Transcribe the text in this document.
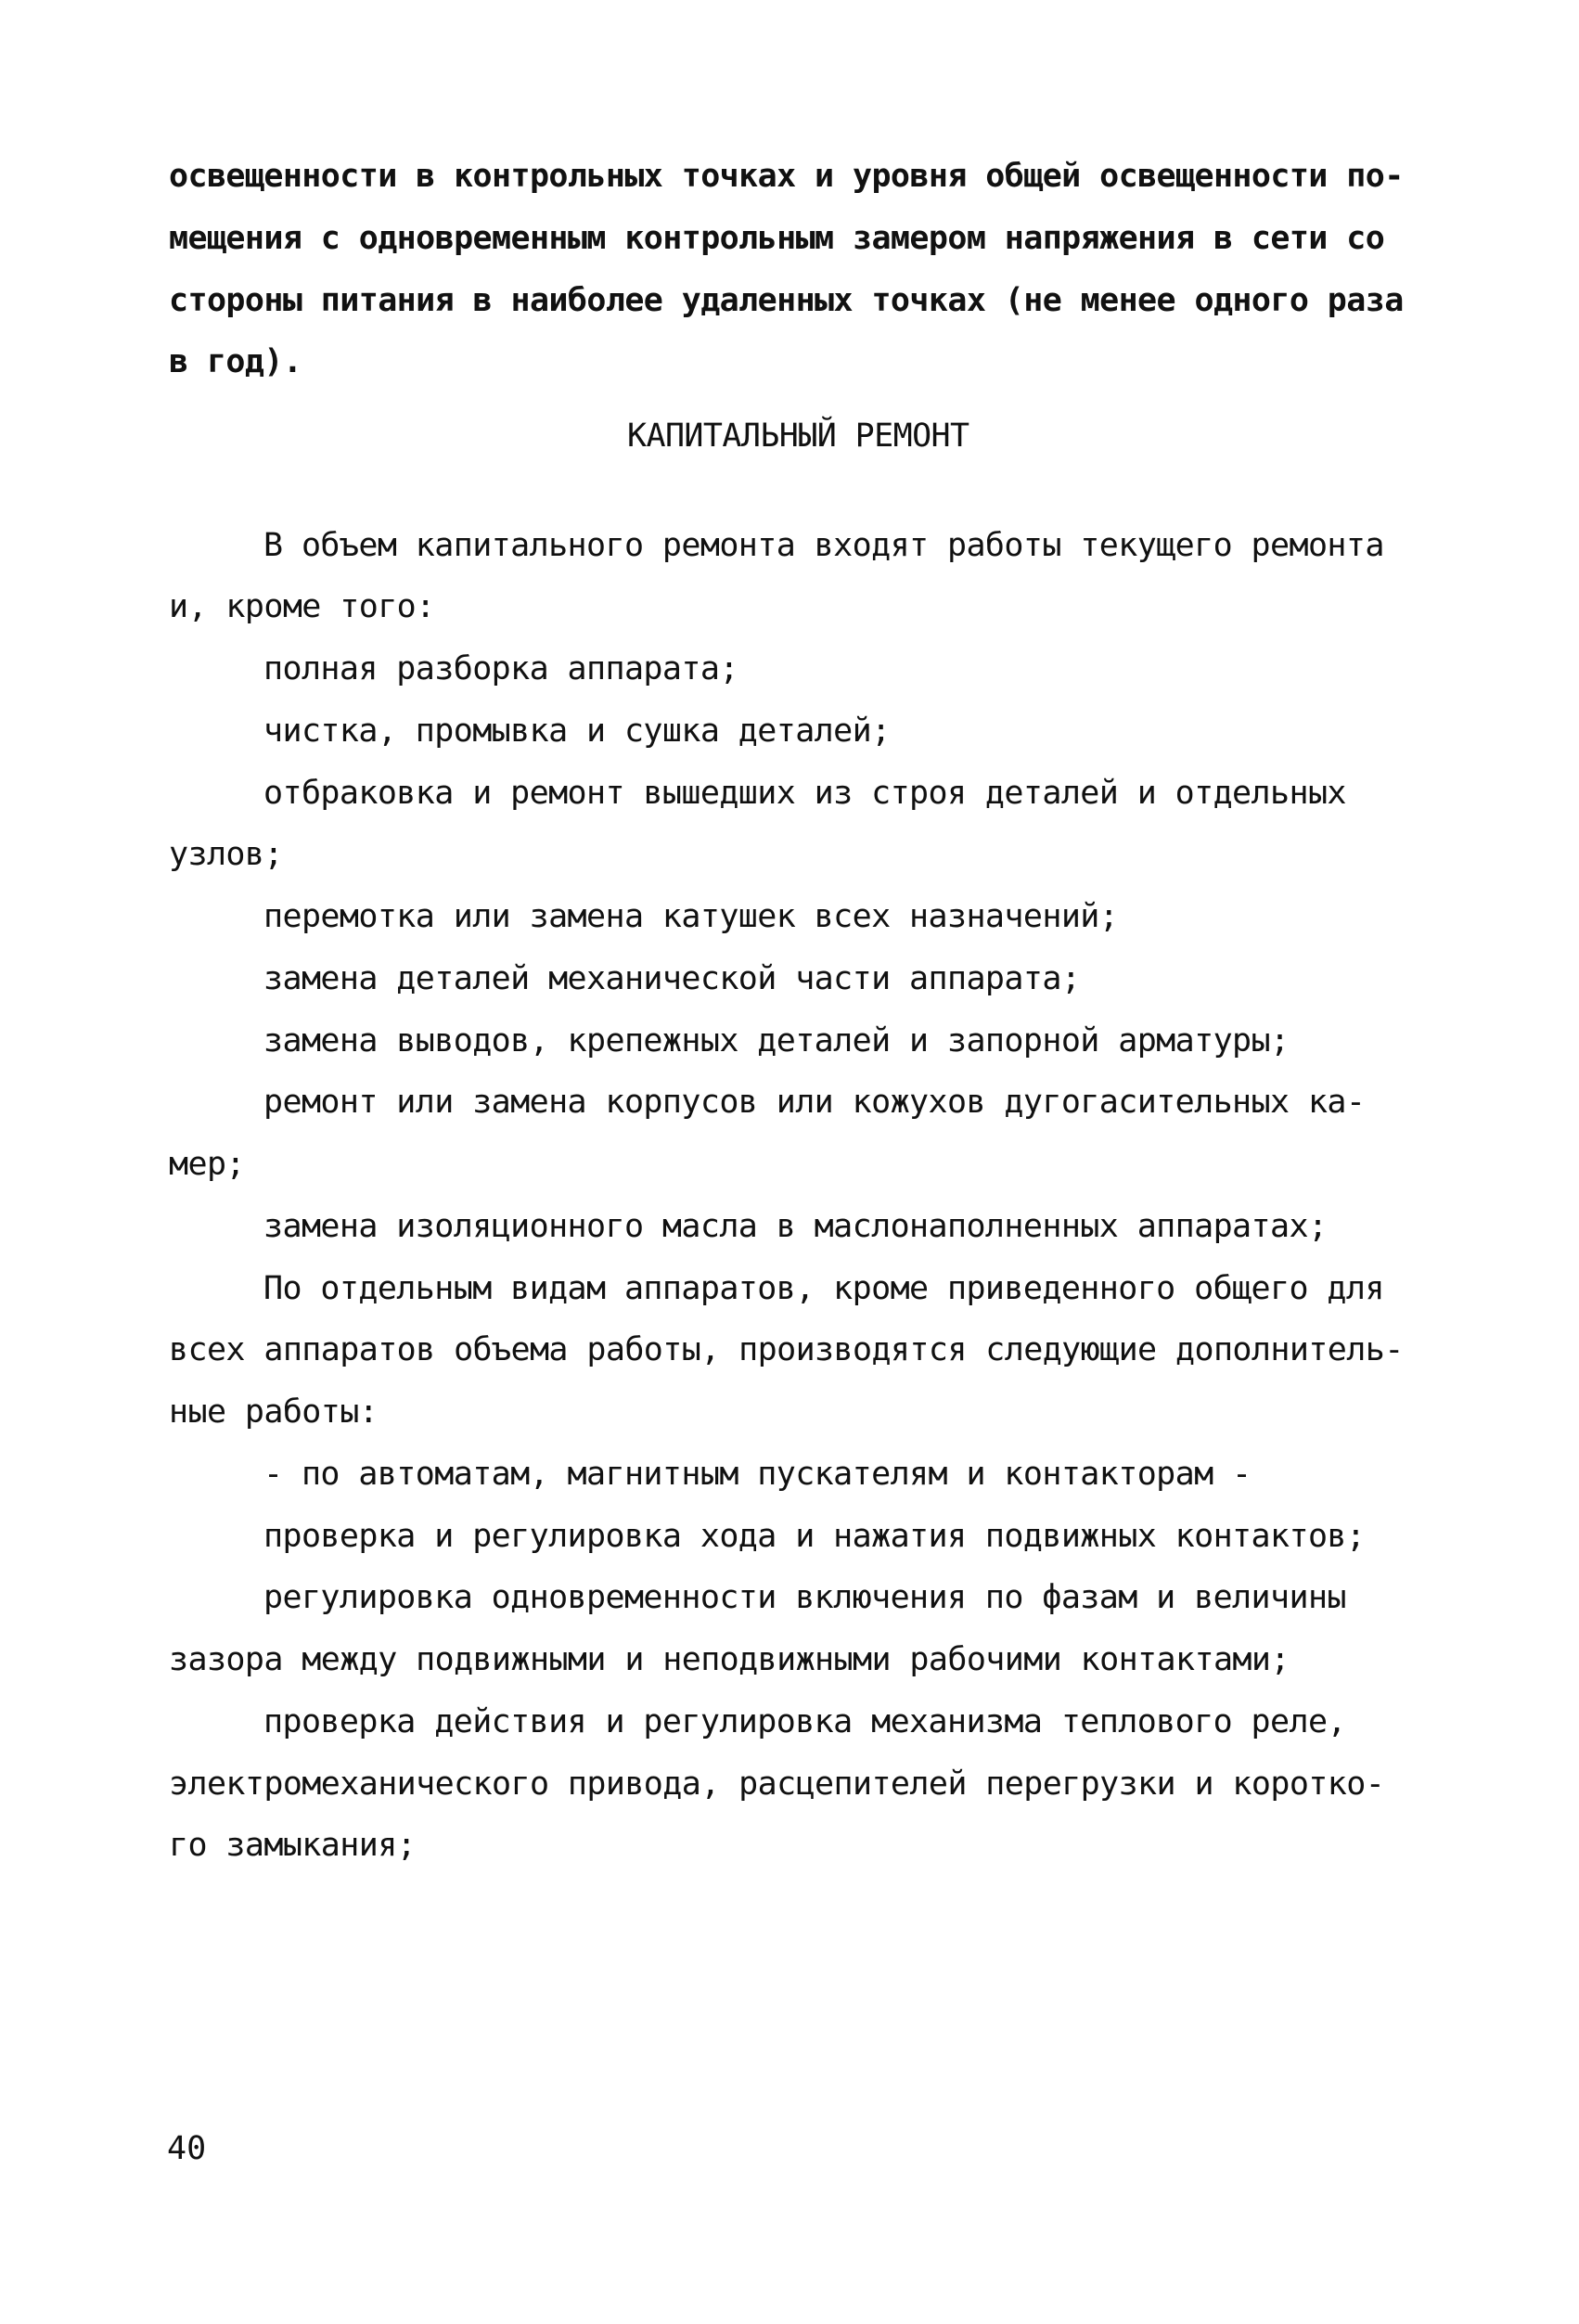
освещенности в контрольных точках и уровня общей освещенности по-
мещения с одновременным контрольным замером напряжения в сети со
стороны питания в наиболее удаленных точках (не менее одного раза
в год).
КАПИТАЛЬНЫЙ РЕМОНТ
В объем капитального ремонта входят работы текущего ремонта
и, кроме того:
полная разборка аппарата;
чистка, промывка и сушка деталей;
отбраковка и ремонт вышедших из строя деталей и отдельных
узлов;
перемотка или замена катушек всех назначений;
замена деталей механической части аппарата;
замена выводов, крепежных деталей и запорной арматуры;
ремонт или замена корпусов или кожухов дугогасительных ка-
мер;
замена изоляционного масла в маслонаполненных аппаратах;
По отдельным видам аппаратов, кроме приведенного общего для
всех аппаратов объема работы, производятся следующие дополнитель-
ные работы:
- по автоматам, магнитным пускателям и контакторам -
проверка и регулировка хода и нажатия подвижных контактов;
регулировка одновременности включения по фазам и величины
зазора между подвижными и неподвижными рабочими контактами;
проверка действия и регулировка механизма теплового реле,
электромеханического привода, расцепителей перегрузки и коротко-
го замыкания;
40
